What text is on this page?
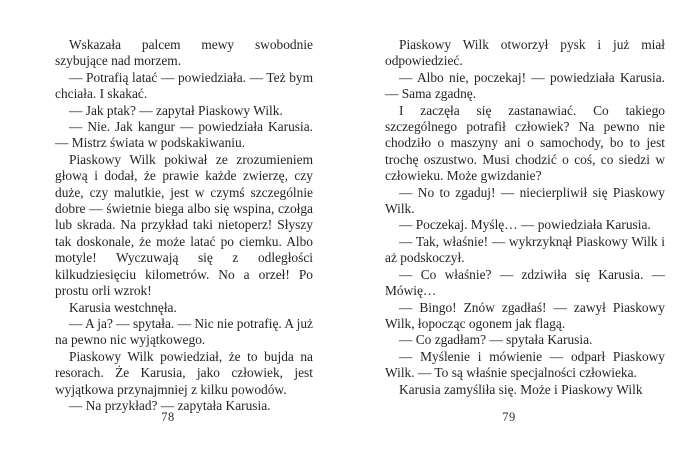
Wskazała palcem mewy swobodnie szybujące nad morzem.

— Potrafią latać — powiedziała. — Też bym chciała. I skakać.

— Jak ptak? — zapytał Piaskowy Wilk.

— Nie. Jak kangur — powiedziała Karusia. — Mistrz świata w podskakiwaniu.

Piaskowy Wilk pokiwał ze zrozumieniem głową i dodał, że prawie każde zwierzę, czy duże, czy malutkie, jest w czymś szczególnie dobre — świetnie biega albo się wspina, czołga lub skrada. Na przykład taki nietoperz! Słyszy tak doskonale, że może latać po ciemku. Albo motyle! Wyczuwają się z odległości kilkudziesięciu kilometrów. No a orzeł! Po prostu orli wzrok!

Karusia westchnęła.

— A ja? — spytała. — Nic nie potrafię. A już na pewno nic wyjątkowego.

Piaskowy Wilk powiedział, że to bujda na resorach. Że Karusia, jako człowiek, jest wyjątkowa przynajmniej z kilku powodów.

— Na przykład? — zapytała Karusia.

Piaskowy Wilk otworzył pysk i już miał odpowiedzieć.

— Albo nie, poczekaj! — powiedziała Karusia. — Sama zgadnę.

I zaczęła się zastanawiać. Co takiego szczególnego potrafił człowiek? Na pewno nie chodziło o maszyny ani o samochody, bo to jest trochę oszustwo. Musi chodzić o coś, co siedzi w człowieku. Może gwizdanie?

— No to zgaduj! — niecierpliwił się Piaskowy Wilk.

— Poczekaj. Myślę… — powiedziała Karusia.

— Tak, właśnie! — wykrzyknął Piaskowy Wilk i aż podskoczył.

— Co właśnie? — zdziwiła się Karusia. — Mówię…

— Bingo! Znów zgadłaś! — zawył Piaskowy Wilk, łopocząc ogonem jak flagą.

— Co zgadłam? — spytała Karusia.

— Myślenie i mówienie — odparł Piaskowy Wilk. — To są właśnie specjalności człowieka.

Karusia zamyśliła się. Może i Piaskowy Wilk

78	79
